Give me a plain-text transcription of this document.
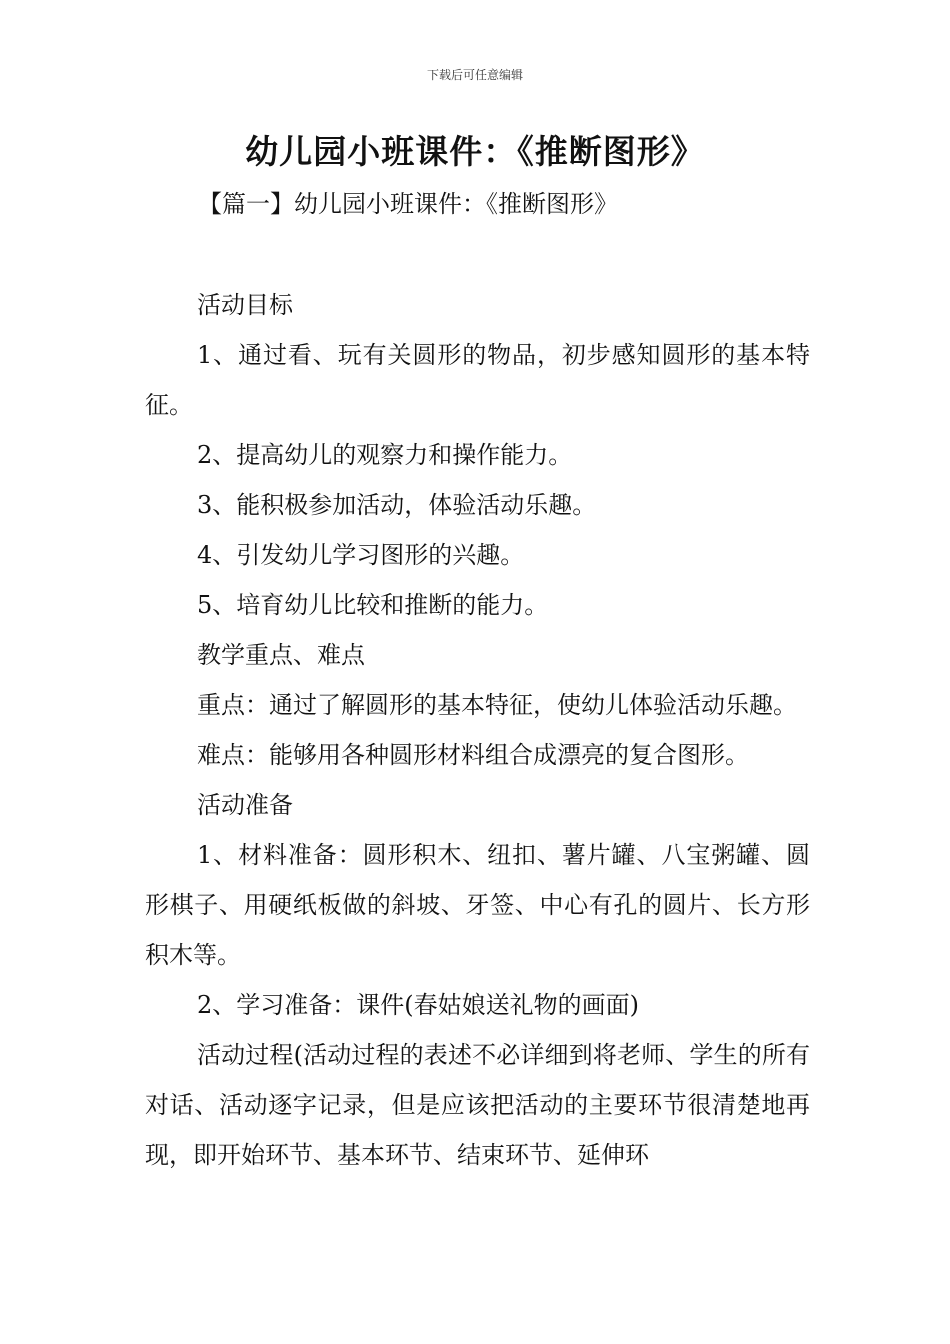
下载后可任意编辑
幼儿园小班课件：《推断图形》
【篇一】幼儿园小班课件：《推断图形》

活动目标

1、通过看、玩有关圆形的物品，初步感知圆形的基本特征。

2、提高幼儿的观察力和操作能力。

3、能积极参加活动，体验活动乐趣。

4、引发幼儿学习图形的兴趣。

5、培育幼儿比较和推断的能力。

教学重点、难点

重点：通过了解圆形的基本特征，使幼儿体验活动乐趣。

难点：能够用各种圆形材料组合成漂亮的复合图形。

活动准备

1、材料准备：圆形积木、纽扣、薯片罐、八宝粥罐、圆形棋子、用硬纸板做的斜坡、牙签、中心有孔的圆片、长方形积木等。

2、学习准备：课件(春姑娘送礼物的画面)

活动过程(活动过程的表述不必详细到将老师、学生的所有对话、活动逐字记录，但是应该把活动的主要环节很清楚地再现，即开始环节、基本环节、结束环节、延伸环
